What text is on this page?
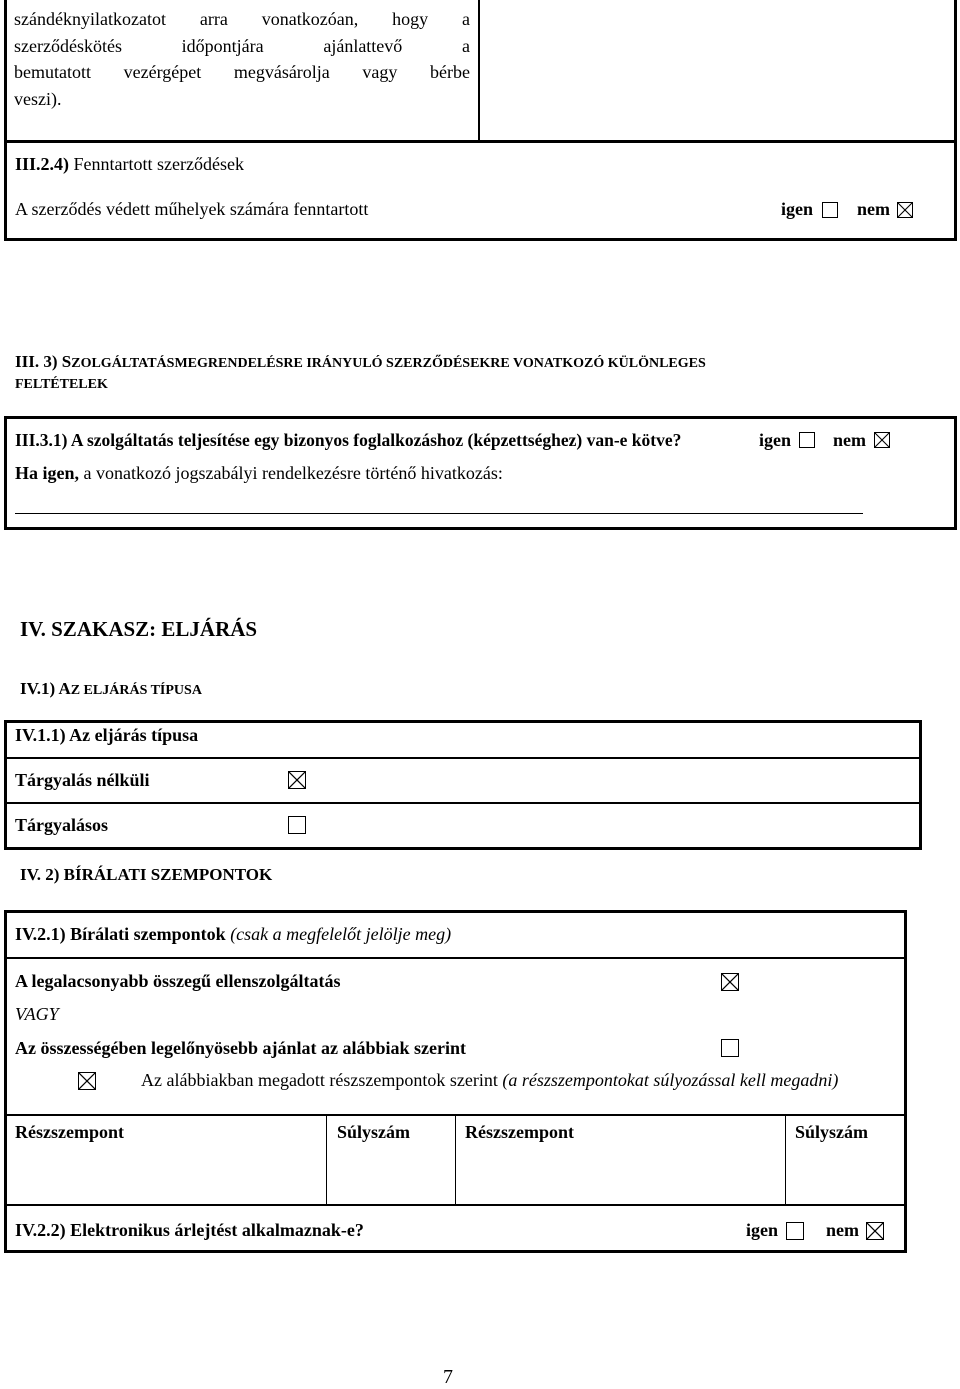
szándéknyilatkozatot arra vonatkozóan, hogy a
szerződéskötés időpontjára ajánlattevő a
bemutatott vezérgépet megvásárolja vagy bérbe
veszi).
III.2.4) Fenntartott szerződések
A szerződés védett műhelyek számára fenntartott	igen nem
III. 3) SZOLGÁLTATÁSMEGRENDELÉSRE IRÁNYULÓ SZERZŐDÉSEKRE VONATKOZÓ KÜLÖNLEGES
FELTÉTELEK
III.3.1) A szolgáltatás teljesítése egy bizonyos foglalkozáshoz (képzettséghez) van-e kötve?	igen nem
Ha igen, a vonatkozó jogszabályi rendelkezésre történő hivatkozás:
IV. SZAKASZ: ELJÁRÁS
IV.1) AZ ELJÁRÁS TÍPUSA
IV.1.1) Az eljárás típusa
Tárgyalás nélküli
Tárgyalásos
IV. 2) BÍRÁLATI SZEMPONTOK
IV.2.1) Bírálati szempontok (csak a megfelelőt jelölje meg)
A legalacsonyabb összegű ellenszolgáltatás
VAGY
Az összességében legelőnyösebb ajánlat az alábbiak szerint
Az alábbiakban megadott részszempontok szerint (a részszempontokat súlyozással kell megadni)
Részszempont	Súlyszám	Részszempont	Súlyszám
IV.2.2) Elektronikus árlejtést alkalmaznak-e?	igen	nem
7
